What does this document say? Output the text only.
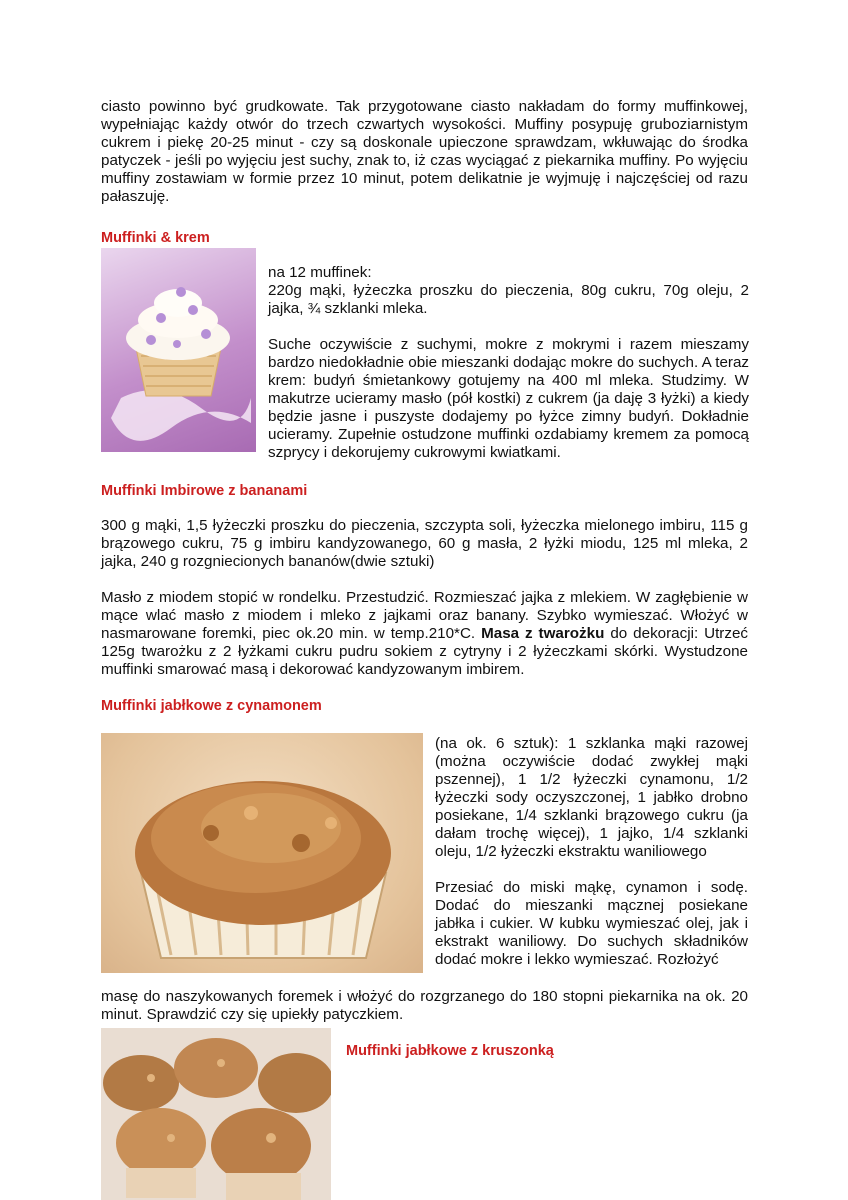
ciasto powinno być grudkowate. Tak przygotowane ciasto nakładam do formy muffinkowej, wypełniając każdy otwór do trzech czwartych wysokości. Muffiny posypuję gruboziarnistym cukrem i piekę 20-25 minut - czy są doskonale upieczone sprawdzam, wkłuwając do środka patyczek - jeśli po wyjęciu jest suchy, znak to, iż czas wyciągać z piekarnika muffiny. Po wyjęciu muffiny zostawiam w formie przez 10 minut, potem delikatnie je wyjmuję i najczęściej od razu pałaszuję.

Muffinki & krem
na 12 muffinek:
220g mąki, łyżeczka proszku do pieczenia, 80g cukru, 70g oleju, 2 jajka, ¾ szklanki mleka.
Suche oczywiście z suchymi, mokre z mokrymi i razem mieszamy bardzo niedokładnie obie mieszanki dodając mokre do suchych. A teraz krem: budyń śmietankowy gotujemy na 400 ml mleka. Studzimy. W makutrze ucieramy masło (pół kostki) z cukrem (ja daję 3 łyżki) a kiedy będzie jasne i puszyste dodajemy po łyżce zimny budyń. Dokładnie ucieramy. Zupełnie ostudzone muffinki ozdabiamy kremem za pomocą szprycy i dekorujemy cukrowymi kwiatkami.
Muffinki Imbirowe z bananami

300 g mąki, 1,5 łyżeczki proszku do pieczenia, szczypta soli, łyżeczka mielonego imbiru, 115 g brązowego cukru, 75 g imbiru kandyzowanego, 60 g masła, 2 łyżki miodu, 125 ml mleka, 2 jajka, 240 g rozgniecionych bananów(dwie sztuki)

Masło z miodem stopić w rondelku. Przestudzić. Rozmieszać jajka z mlekiem. W zagłębienie w mące wlać masło z miodem i mleko z jajkami oraz banany. Szybko wymieszać. Włożyć w nasmarowane foremki, piec ok.20 min. w temp.210*C. Masa z twarożku do dekoracji: Utrzeć 125g twarożku z 2 łyżkami cukru pudru sokiem z cytryny i 2 łyżeczkami skórki. Wystudzone muffinki smarować masą i dekorować kandyzowanym imbirem.

Muffinki jabłkowe z cynamonem
(na ok. 6 sztuk): 1 szklanka mąki razowej (można oczywiście dodać zwykłej mąki pszennej), 1 1/2 łyżeczki cynamonu, 1/2 łyżeczki sody oczyszczonej, 1 jabłko drobno posiekane, 1/4 szklanki brązowego cukru (ja dałam trochę więcej), 1 jajko, 1/4 szklanki oleju, 1/2 łyżeczki ekstraktu waniliowego
Przesiać do miski mąkę, cynamon i sodę. Dodać do mieszanki mącznej posiekane jabłka i cukier. W kubku wymieszać olej, jak i ekstrakt waniliowy. Do suchych składników dodać mokre i lekko wymieszać. Rozłożyć

masę do naszykowanych foremek i włożyć do rozgrzanego do 180 stopni piekarnika na ok. 20 minut. Sprawdzić czy się upiekły patyczkiem.

Muffinki jabłkowe z kruszonką
ydomowe.pl
